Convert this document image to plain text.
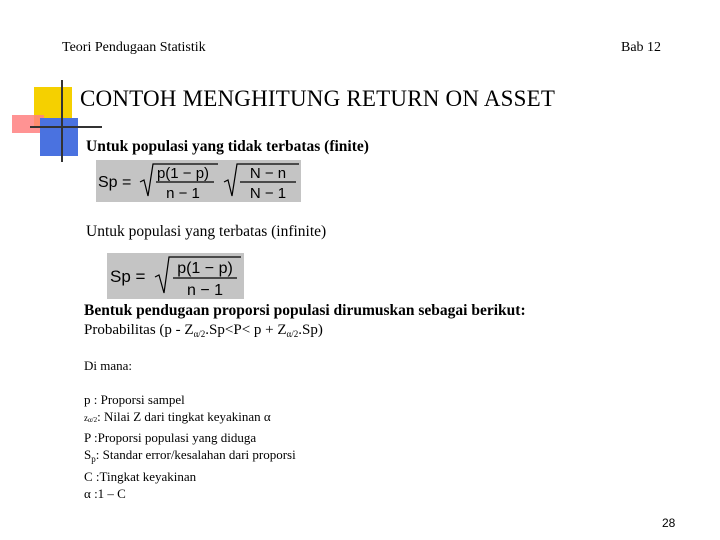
Teori Pendugaan Statistik	Bab 12
CONTOH MENGHITUNG RETURN ON ASSET
Untuk populasi yang tidak terbatas (finite)
Sp =
p(1 − p)
n − 1
N − n
N − 1
Untuk populasi yang terbatas (infinite)
Sp = p(1 − p)
n − 1
Bentuk pendugaan proporsi populasi dirumuskan sebagai berikut:
Probabilitas $(p - Z_{\alpha/2}.Sp<P< p + Z_{\alpha/2}.Sp)$
Di mana:
p : Proporsi sampel
zα/2: Nilai Z dari tingkat keyakinan α
P :Proporsi populasi yang diduga
$S_p$: Standar error/kesalahan dari proporsi
C :Tingkat keyakinan
α :1 – C
28
